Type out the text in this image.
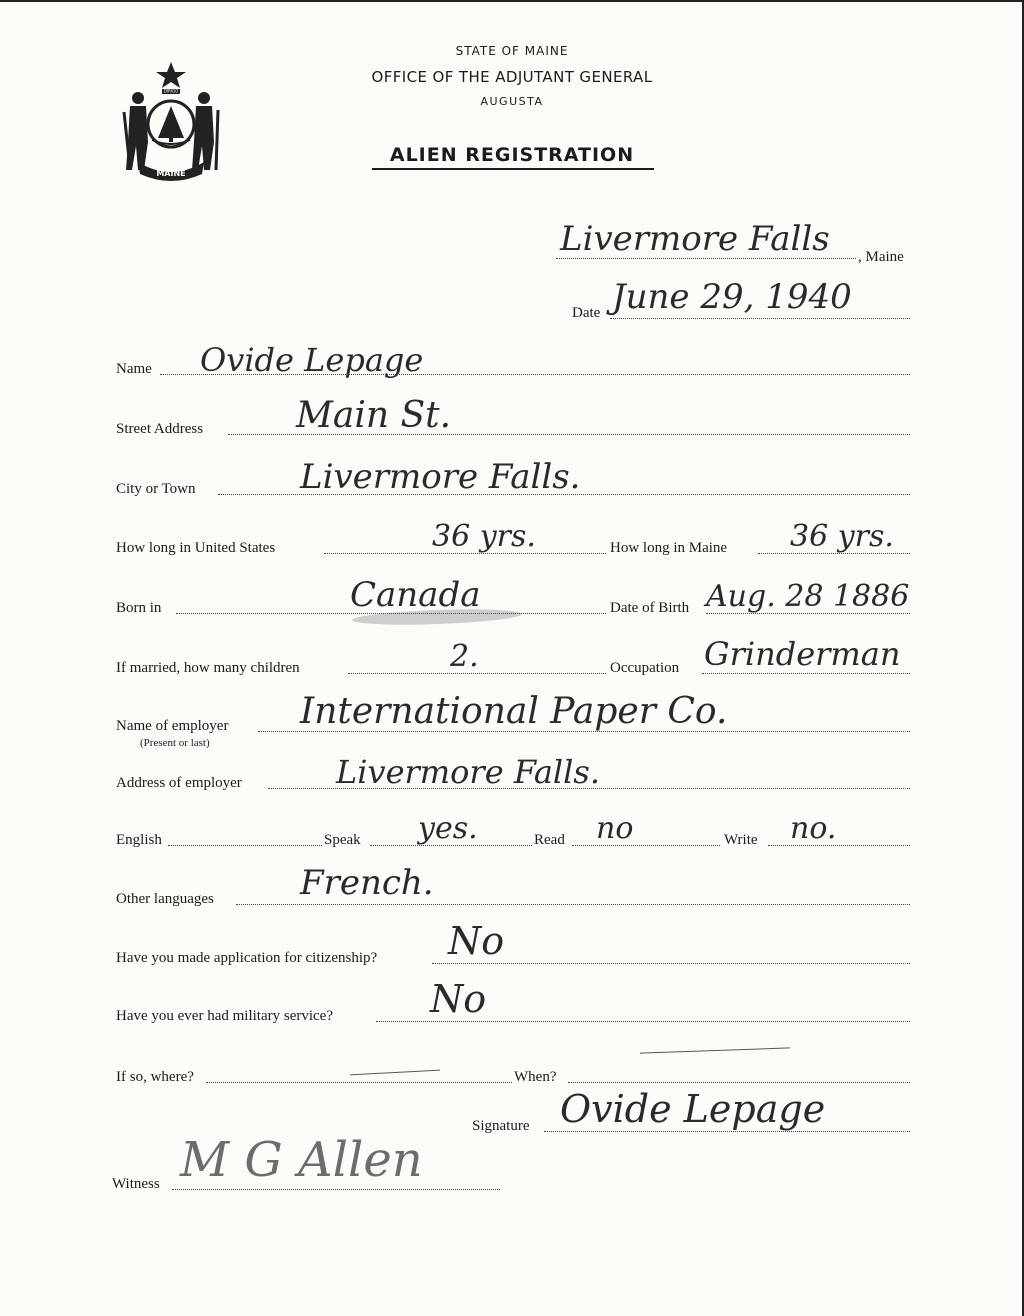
DIRIGO
MAINE
STATE OF MAINE
OFFICE OF THE ADJUTANT GENERAL
AUGUSTA
ALIEN REGISTRATION
Livermore Falls , Maine
Date June 29, 1940
Name Ovide Lepage
Street Address	Main St.
City or Town	Livermore Falls.
How long in United States	36 yrs.	How long in Maine 36 yrs.
Born in	Canada	Date of Birth Aug. 28 1886
If married, how many children	2.	Occupation Grinderman
Name of employer
(Present or last)
International Paper Co.
Address of employer	Livermore Falls.
English	Speak yes.	Read no	Write no.
Other languages	French.
Have you made application for citizenship? No
Have you ever had military service?	No
If so, where?	When?
Signature Ovide Lepage
Witness M G Allen
